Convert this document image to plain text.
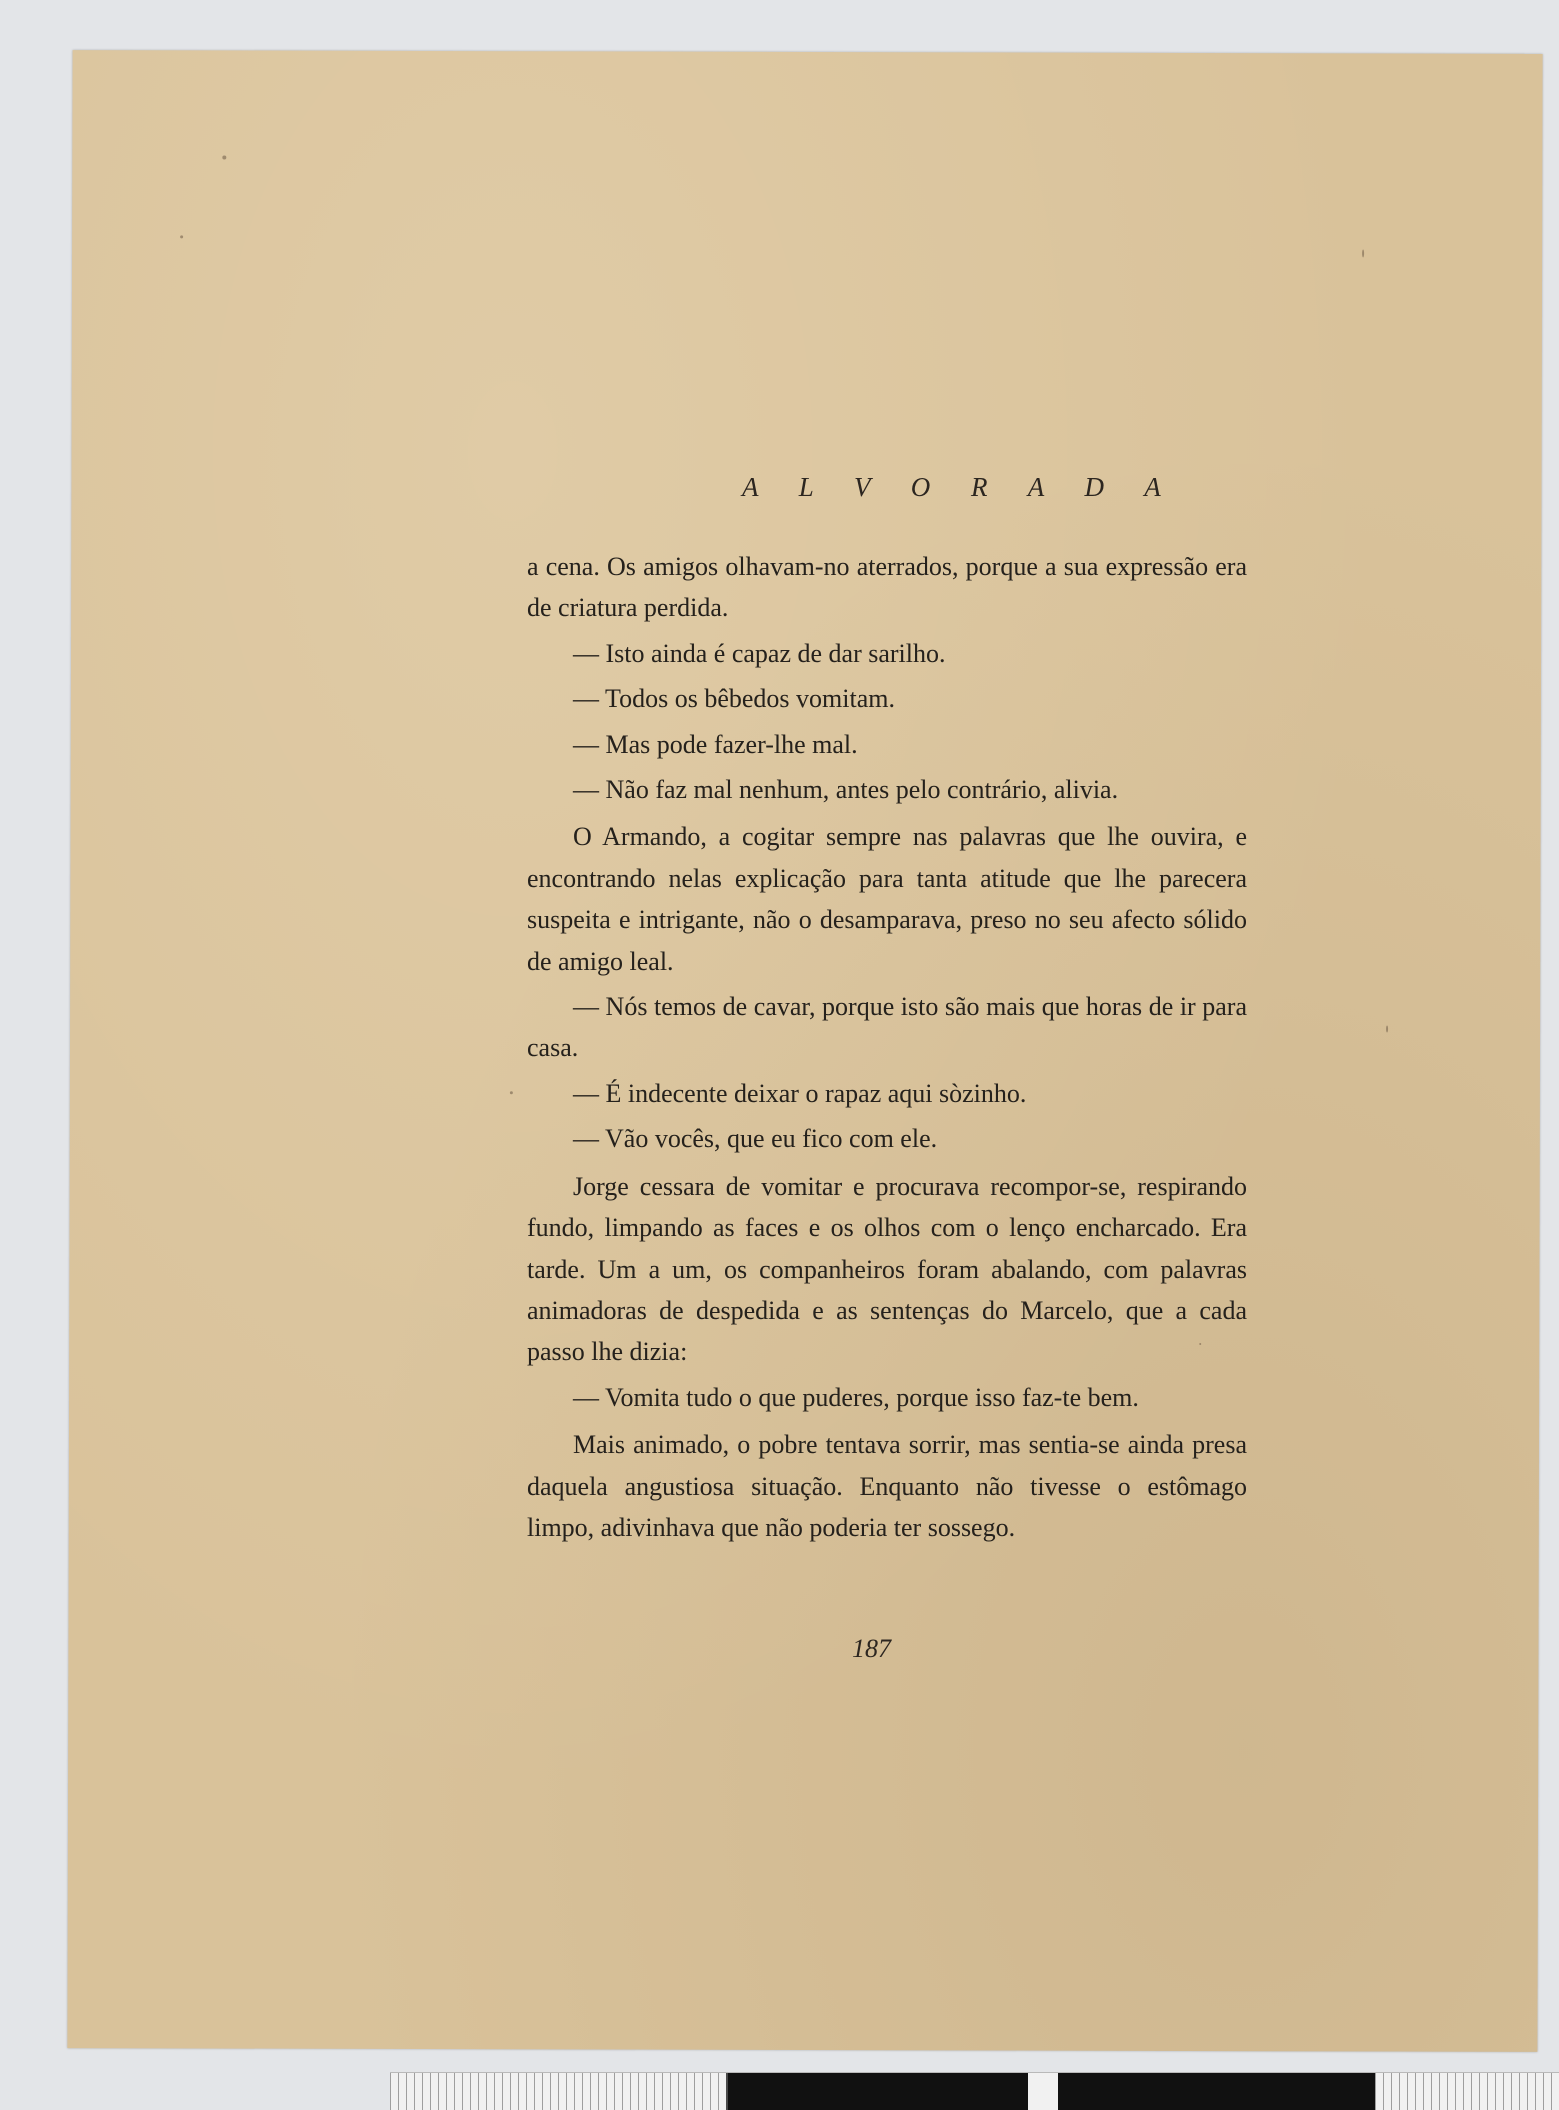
A L V O R A D A

a cena. Os amigos olhavam-no aterrados, porque a sua expressão era de criatura perdida.

— Isto ainda é capaz de dar sarilho.

— Todos os bêbedos vomitam.

— Mas pode fazer-lhe mal.

— Não faz mal nenhum, antes pelo contrário, alivia.

O Armando, a cogitar sempre nas palavras que lhe ouvira, e encontrando nelas explicação para tanta atitude que lhe parecera suspeita e intrigante, não o desamparava, preso no seu afecto sólido de amigo leal.

— Nós temos de cavar, porque isto são mais que horas de ir para casa.

— É indecente deixar o rapaz aqui sòzinho.

— Vão vocês, que eu fico com ele.

Jorge cessara de vomitar e procurava recompor-se, respirando fundo, limpando as faces e os olhos com o lenço encharcado. Era tarde. Um a um, os companheiros foram abalando, com palavras animadoras de despedida e as sentenças do Marcelo, que a cada passo lhe dizia:

— Vomita tudo o que puderes, porque isso faz-te bem.

Mais animado, o pobre tentava sorrir, mas sentia-se ainda presa daquela angustiosa situação. Enquanto não tivesse o estômago limpo, adivinhava que não poderia ter sossego.

187
